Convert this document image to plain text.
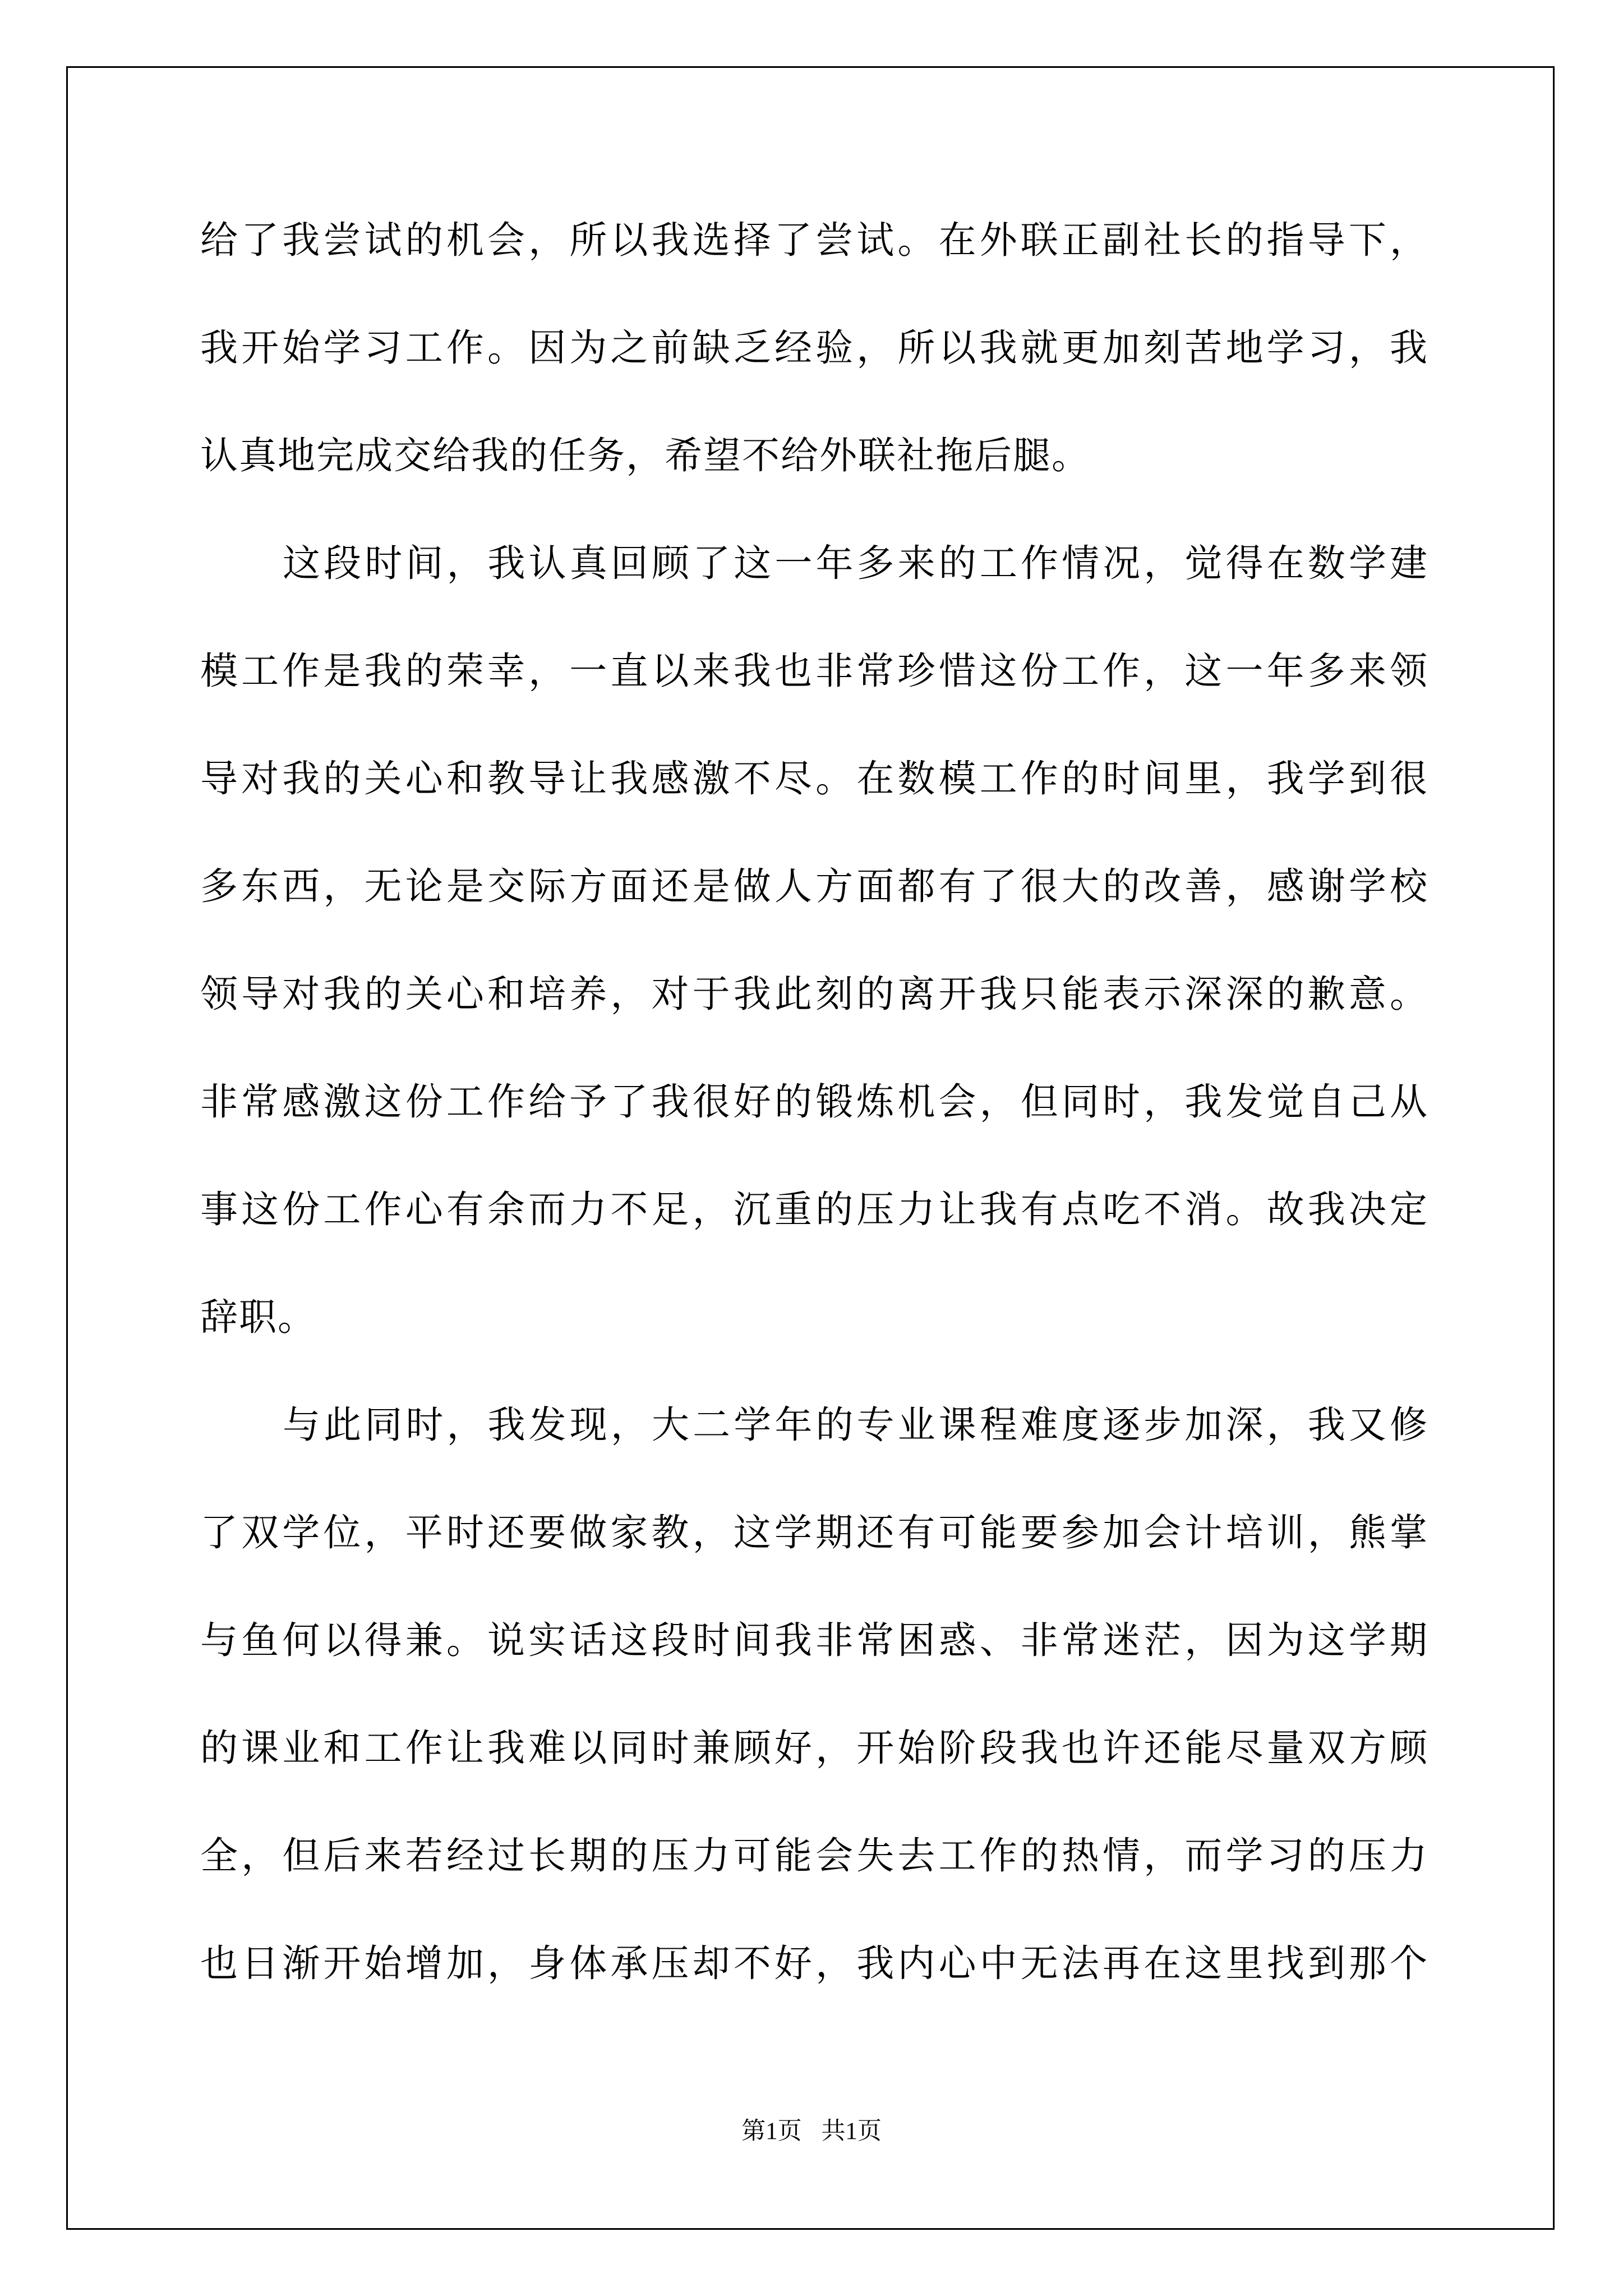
给了我尝试的机会，所以我选择了尝试。在外联正副社长的指导下，
我开始学习工作。因为之前缺乏经验，所以我就更加刻苦地学习，我
认真地完成交给我的任务，希望不给外联社拖后腿。
这段时间，我认真回顾了这一年多来的工作情况，觉得在数学建
模工作是我的荣幸，一直以来我也非常珍惜这份工作，这一年多来领
导对我的关心和教导让我感激不尽。在数模工作的时间里，我学到很
多东西，无论是交际方面还是做人方面都有了很大的改善，感谢学校
领导对我的关心和培养，对于我此刻的离开我只能表示深深的歉意。
非常感激这份工作给予了我很好的锻炼机会，但同时，我发觉自己从
事这份工作心有余而力不足，沉重的压力让我有点吃不消。故我决定
辞职。
与此同时，我发现，大二学年的专业课程难度逐步加深，我又修
了双学位，平时还要做家教，这学期还有可能要参加会计培训，熊掌
与鱼何以得兼。说实话这段时间我非常困惑、非常迷茫，因为这学期
的课业和工作让我难以同时兼顾好，开始阶段我也许还能尽量双方顾
全，但后来若经过长期的压力可能会失去工作的热情，而学习的压力
也日渐开始增加，身体承压却不好，我内心中无法再在这里找到那个
第1页 共1页
